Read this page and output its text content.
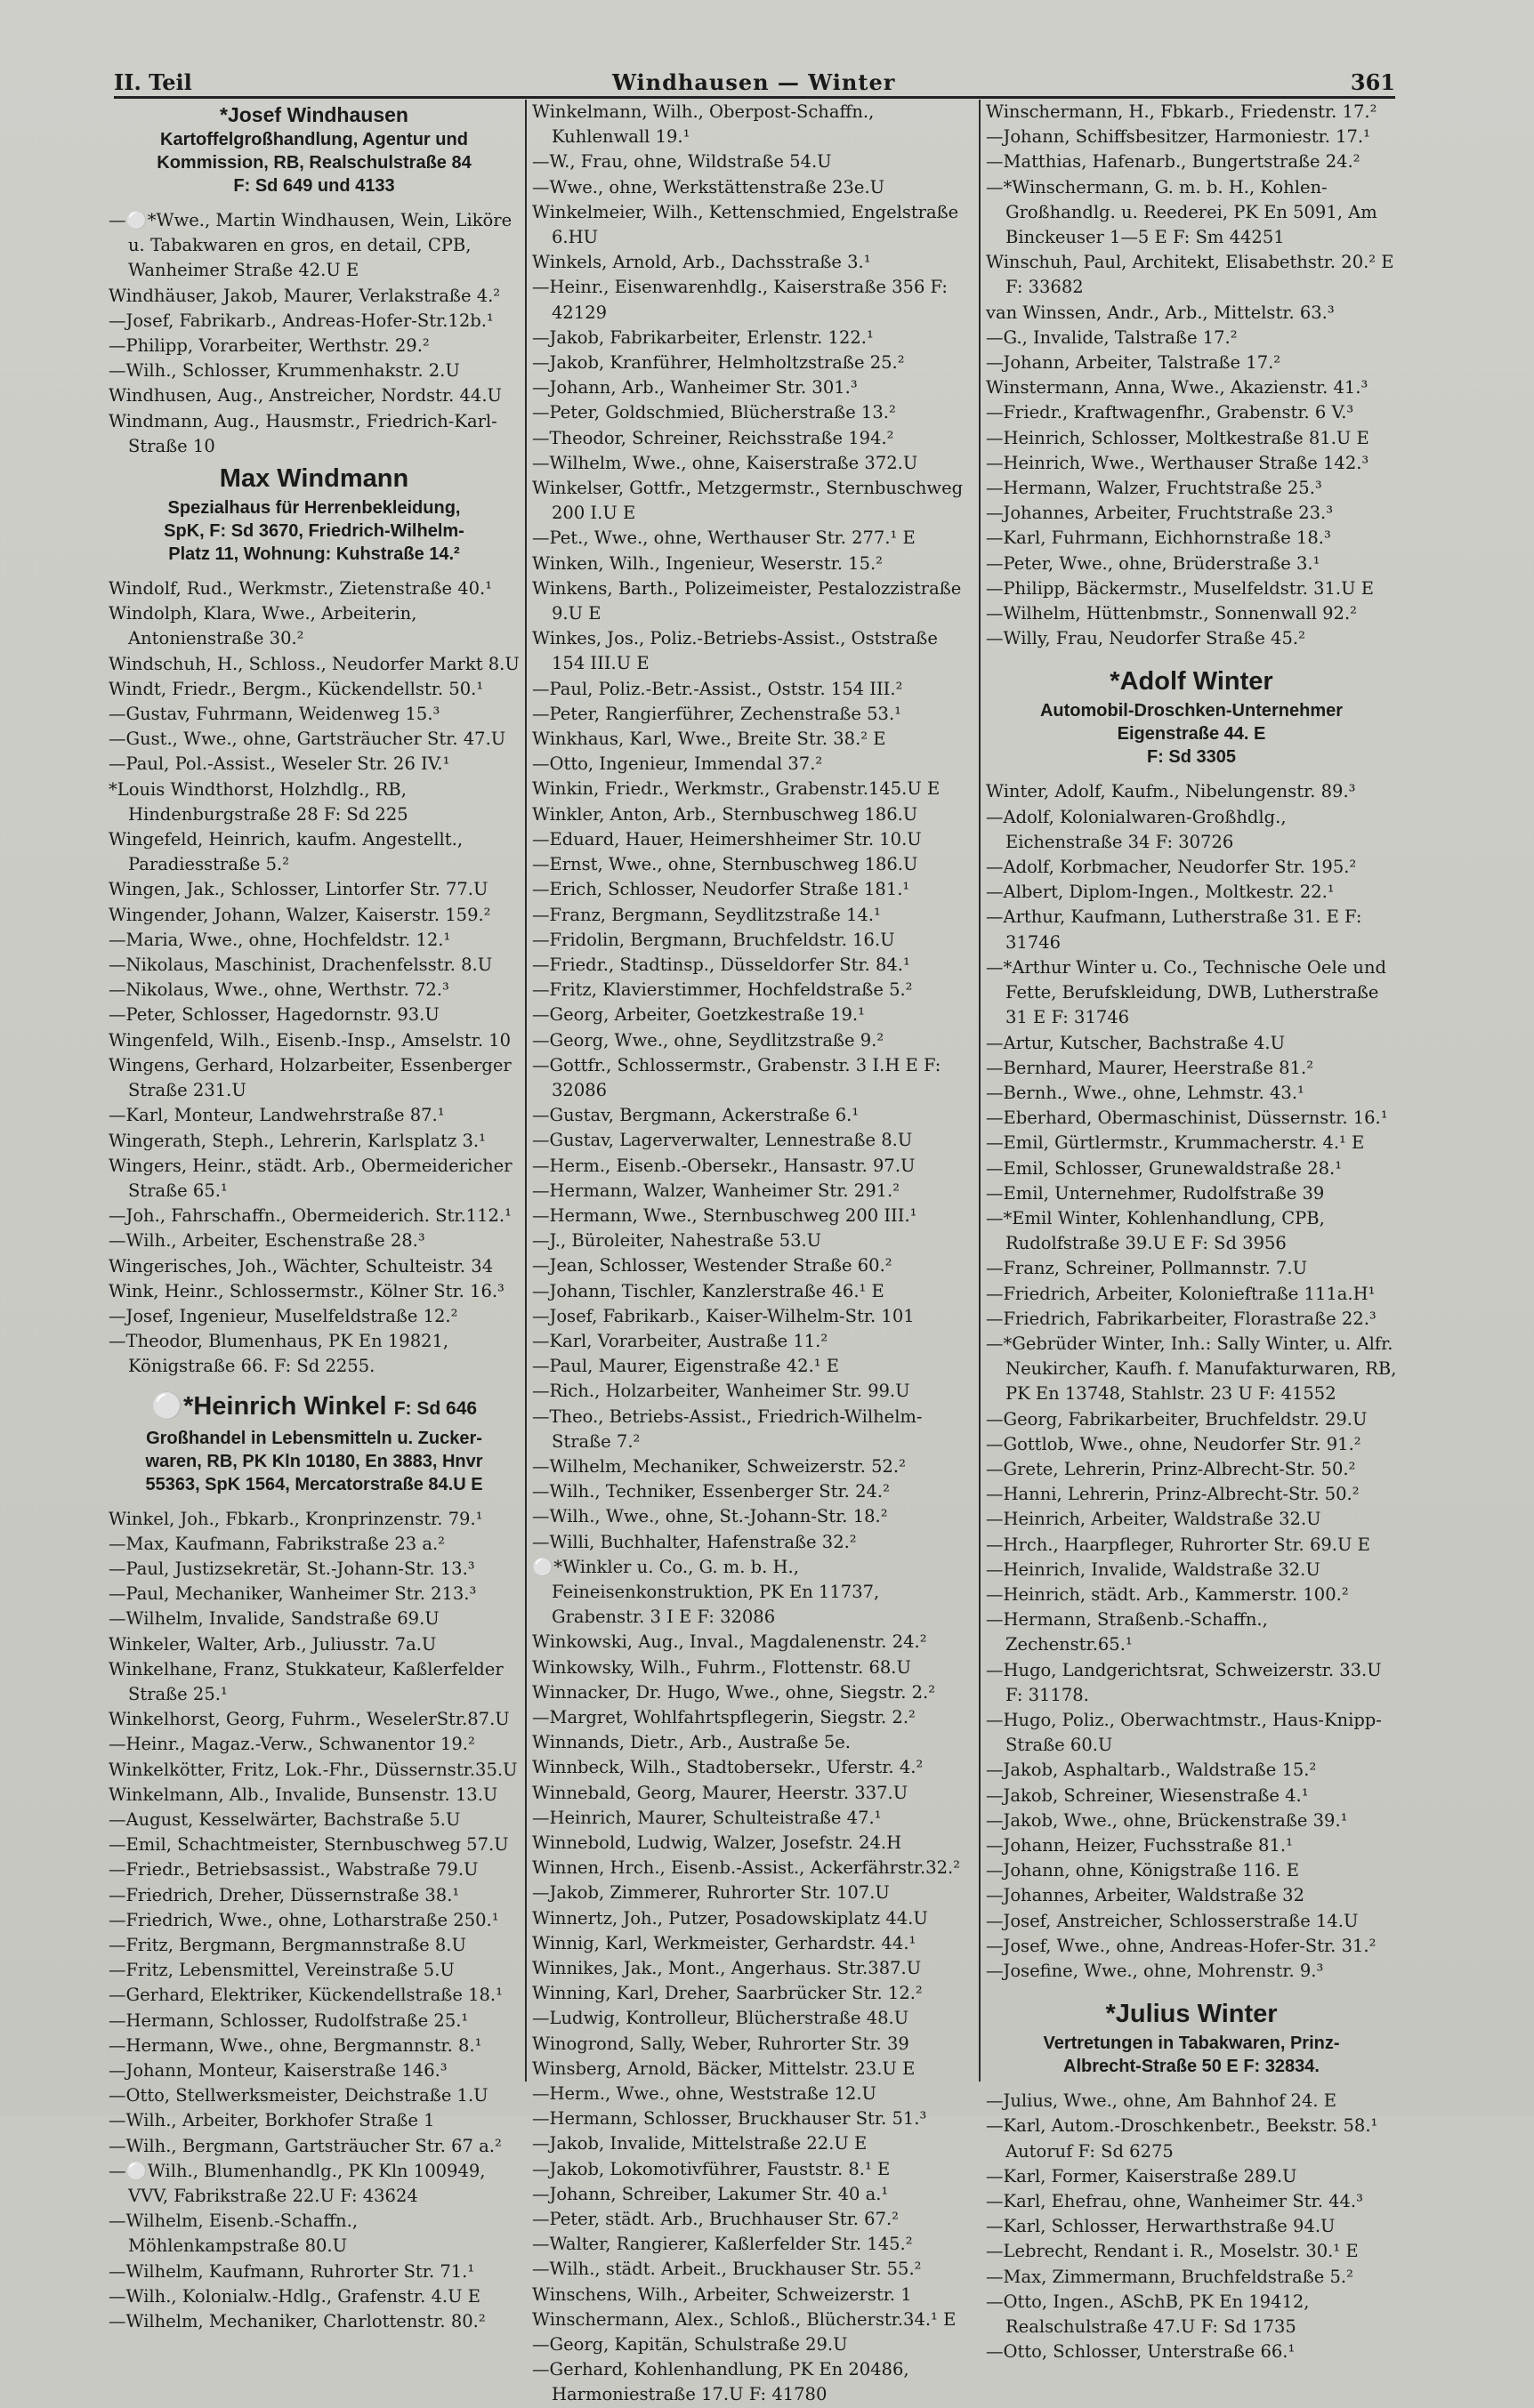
II. Teil	Windhausen — Winter	361
*Josef Windhausen
Kartoffelgroßhandlung, Agentur und
Kommission, RB, Realschulstraße 84
F: Sd 649 und 4133
—⚪*Wwe., Martin Windhausen, Wein, Liköre u. Tabakwaren en gros, en detail, CPB, Wanheimer Straße 42.U E
Windhäuser, Jakob, Maurer, Verlakstraße 4.²
—Josef, Fabrikarb., Andreas-Hofer-Str.12b.¹
—Philipp, Vorarbeiter, Werthstr. 29.²
—Wilh., Schlosser, Krummenhakstr. 2.U
Windhusen, Aug., Anstreicher, Nordstr. 44.U
Windmann, Aug., Hausmstr., Friedrich-Karl-Straße 10
Max Windmann
Spezialhaus für Herrenbekleidung,
SpK, F: Sd 3670, Friedrich-Wilhelm-
Platz 11, Wohnung: Kuhstraße 14.²
Windolf, Rud., Werkmstr., Zietenstraße 40.¹
Windolph, Klara, Wwe., Arbeiterin, Antonienstraße 30.²
Windschuh, H., Schloss., Neudorfer Markt 8.U
Windt, Friedr., Bergm., Kückendellstr. 50.¹
—Gustav, Fuhrmann, Weidenweg 15.³
—Gust., Wwe., ohne, Gartsträucher Str. 47.U
—Paul, Pol.-Assist., Weseler Str. 26 IV.¹
*Louis Windthorst, Holzhdlg., RB, Hindenburgstraße 28 F: Sd 225
Wingefeld, Heinrich, kaufm. Angestellt., Paradiesstraße 5.²
Wingen, Jak., Schlosser, Lintorfer Str. 77.U
Wingender, Johann, Walzer, Kaiserstr. 159.²
—Maria, Wwe., ohne, Hochfeldstr. 12.¹
—Nikolaus, Maschinist, Drachenfelsstr. 8.U
—Nikolaus, Wwe., ohne, Werthstr. 72.³
—Peter, Schlosser, Hagedornstr. 93.U
Wingenfeld, Wilh., Eisenb.-Insp., Amselstr. 10
Wingens, Gerhard, Holzarbeiter, Essenberger Straße 231.U
—Karl, Monteur, Landwehrstraße 87.¹
Wingerath, Steph., Lehrerin, Karlsplatz 3.¹
Wingers, Heinr., städt. Arb., Obermeidericher Straße 65.¹
—Joh., Fahrschaffn., Obermeiderich. Str.112.¹
—Wilh., Arbeiter, Eschenstraße 28.³
Wingerisches, Joh., Wächter, Schulteistr. 34
Wink, Heinr., Schlossermstr., Kölner Str. 16.³
—Josef, Ingenieur, Muselfeldstraße 12.²
—Theodor, Blumenhaus, PK En 19821, Königstraße 66. F: Sd 2255.
⚪*Heinrich Winkel F: Sd 646
Großhandel in Lebensmitteln u. Zucker-
waren, RB, PK Kln 10180, En 3883, Hnvr
55363, SpK 1564, Mercatorstraße 84.U E
Winkel, Joh., Fbkarb., Kronprinzenstr. 79.¹
—Max, Kaufmann, Fabrikstraße 23 a.²
—Paul, Justizsekretär, St.-Johann-Str. 13.³
—Paul, Mechaniker, Wanheimer Str. 213.³
—Wilhelm, Invalide, Sandstraße 69.U
Winkeler, Walter, Arb., Juliusstr. 7a.U
Winkelhane, Franz, Stukkateur, Kaßlerfelder Straße 25.¹
Winkelhorst, Georg, Fuhrm., WeselerStr.87.U
—Heinr., Magaz.-Verw., Schwanentor 19.²
Winkelkötter, Fritz, Lok.-Fhr., Düssernstr.35.U
Winkelmann, Alb., Invalide, Bunsenstr. 13.U
—August, Kesselwärter, Bachstraße 5.U
—Emil, Schachtmeister, Sternbuschweg 57.U
—Friedr., Betriebsassist., Wabstraße 79.U
—Friedrich, Dreher, Düssernstraße 38.¹
—Friedrich, Wwe., ohne, Lotharstraße 250.¹
—Fritz, Bergmann, Bergmannstraße 8.U
—Fritz, Lebensmittel, Vereinstraße 5.U
—Gerhard, Elektriker, Kückendellstraße 18.¹
—Hermann, Schlosser, Rudolfstraße 25.¹
—Hermann, Wwe., ohne, Bergmannstr. 8.¹
—Johann, Monteur, Kaiserstraße 146.³
—Otto, Stellwerksmeister, Deichstraße 1.U
—Wilh., Arbeiter, Borkhofer Straße 1
—Wilh., Bergmann, Gartsträucher Str. 67 a.²
—⚪Wilh., Blumenhandlg., PK Kln 100949, VVV, Fabrikstraße 22.U F: 43624
—Wilhelm, Eisenb.-Schaffn., Möhlenkampstraße 80.U
—Wilhelm, Kaufmann, Ruhrorter Str. 71.¹
—Wilh., Kolonialw.-Hdlg., Grafenstr. 4.U E
—Wilhelm, Mechaniker, Charlottenstr. 80.²
Winkelmann, Wilh., Oberpost-Schaffn., Kuhlenwall 19.¹
—W., Frau, ohne, Wildstraße 54.U
—Wwe., ohne, Werkstättenstraße 23e.U
Winkelmeier, Wilh., Kettenschmied, Engelstraße 6.HU
Winkels, Arnold, Arb., Dachsstraße 3.¹
—Heinr., Eisenwarenhdlg., Kaiserstraße 356 F: 42129
—Jakob, Fabrikarbeiter, Erlenstr. 122.¹
—Jakob, Kranführer, Helmholtzstraße 25.²
—Johann, Arb., Wanheimer Str. 301.³
—Peter, Goldschmied, Blücherstraße 13.²
—Theodor, Schreiner, Reichsstraße 194.²
—Wilhelm, Wwe., ohne, Kaiserstraße 372.U
Winkelser, Gottfr., Metzgermstr., Sternbuschweg 200 I.U E
—Pet., Wwe., ohne, Werthauser Str. 277.¹ E
Winken, Wilh., Ingenieur, Weserstr. 15.²
Winkens, Barth., Polizeimeister, Pestalozzistraße 9.U E
Winkes, Jos., Poliz.-Betriebs-Assist., Oststraße 154 III.U E
—Paul, Poliz.-Betr.-Assist., Oststr. 154 III.²
—Peter, Rangierführer, Zechenstraße 53.¹
Winkhaus, Karl, Wwe., Breite Str. 38.² E
—Otto, Ingenieur, Immendal 37.²
Winkin, Friedr., Werkmstr., Grabenstr.145.U E
Winkler, Anton, Arb., Sternbuschweg 186.U
—Eduard, Hauer, Heimershheimer Str. 10.U
—Ernst, Wwe., ohne, Sternbuschweg 186.U
—Erich, Schlosser, Neudorfer Straße 181.¹
—Franz, Bergmann, Seydlitzstraße 14.¹
—Fridolin, Bergmann, Bruchfeldstr. 16.U
—Friedr., Stadtinsp., Düsseldorfer Str. 84.¹
—Fritz, Klavierstimmer, Hochfeldstraße 5.²
—Georg, Arbeiter, Goetzkestraße 19.¹
—Georg, Wwe., ohne, Seydlitzstraße 9.²
—Gottfr., Schlossermstr., Grabenstr. 3 I.H E F: 32086
—Gustav, Bergmann, Ackerstraße 6.¹
—Gustav, Lagerverwalter, Lennestraße 8.U
—Herm., Eisenb.-Obersekr., Hansastr. 97.U
—Hermann, Walzer, Wanheimer Str. 291.²
—Hermann, Wwe., Sternbuschweg 200 III.¹
—J., Büroleiter, Nahestraße 53.U
—Jean, Schlosser, Westender Straße 60.²
—Johann, Tischler, Kanzlerstraße 46.¹ E
—Josef, Fabrikarb., Kaiser-Wilhelm-Str. 101
—Karl, Vorarbeiter, Austraße 11.²
—Paul, Maurer, Eigenstraße 42.¹ E
—Rich., Holzarbeiter, Wanheimer Str. 99.U
—Theo., Betriebs-Assist., Friedrich-Wilhelm-Straße 7.²
—Wilhelm, Mechaniker, Schweizerstr. 52.²
—Wilh., Techniker, Essenberger Str. 24.²
—Wilh., Wwe., ohne, St.-Johann-Str. 18.²
—Willi, Buchhalter, Hafenstraße 32.²
⚪*Winkler u. Co., G. m. b. H., Feineisenkonstruktion, PK En 11737, Grabenstr. 3 I E F: 32086
Winkowski, Aug., Inval., Magdalenenstr. 24.²
Winkowsky, Wilh., Fuhrm., Flottenstr. 68.U
Winnacker, Dr. Hugo, Wwe., ohne, Siegstr. 2.²
—Margret, Wohlfahrtspflegerin, Siegstr. 2.²
Winnands, Dietr., Arb., Austraße 5e.
Winnbeck, Wilh., Stadtobersekr., Uferstr. 4.²
Winnebald, Georg, Maurer, Heerstr. 337.U
—Heinrich, Maurer, Schulteistraße 47.¹
Winnebold, Ludwig, Walzer, Josefstr. 24.H
Winnen, Hrch., Eisenb.-Assist., Ackerfährstr.32.²
—Jakob, Zimmerer, Ruhrorter Str. 107.U
Winnertz, Joh., Putzer, Posadowskiplatz 44.U
Winnig, Karl, Werkmeister, Gerhardstr. 44.¹
Winnikes, Jak., Mont., Angerhaus. Str.387.U
Winning, Karl, Dreher, Saarbrücker Str. 12.²
—Ludwig, Kontrolleur, Blücherstraße 48.U
Winogrond, Sally, Weber, Ruhrorter Str. 39
Winsberg, Arnold, Bäcker, Mittelstr. 23.U E
—Herm., Wwe., ohne, Weststraße 12.U
—Hermann, Schlosser, Bruckhauser Str. 51.³
—Jakob, Invalide, Mittelstraße 22.U E
—Jakob, Lokomotivführer, Fauststr. 8.¹ E
—Johann, Schreiber, Lakumer Str. 40 a.¹
—Peter, städt. Arb., Bruchhauser Str. 67.²
—Walter, Rangierer, Kaßlerfelder Str. 145.²
—Wilh., städt. Arbeit., Bruckhauser Str. 55.²
Winschens, Wilh., Arbeiter, Schweizerstr. 1
Winschermann, Alex., Schloß., Blücherstr.34.¹ E
—Georg, Kapitän, Schulstraße 29.U
—Gerhard, Kohlenhandlung, PK En 20486, Harmoniestraße 17.U F: 41780
Winschermann, H., Fbkarb., Friedenstr. 17.²
—Johann, Schiffsbesitzer, Harmoniestr. 17.¹
—Matthias, Hafenarb., Bungertstraße 24.²
—*Winschermann, G. m. b. H., Kohlen-Großhandlg. u. Reederei, PK En 5091, Am Binckeuser 1—5 E F: Sm 44251
Winschuh, Paul, Architekt, Elisabethstr. 20.² E F: 33682
van Winssen, Andr., Arb., Mittelstr. 63.³
—G., Invalide, Talstraße 17.²
—Johann, Arbeiter, Talstraße 17.²
Winstermann, Anna, Wwe., Akazienstr. 41.³
—Friedr., Kraftwagenfhr., Grabenstr. 6 V.³
—Heinrich, Schlosser, Moltkestraße 81.U E
—Heinrich, Wwe., Werthauser Straße 142.³
—Hermann, Walzer, Fruchtstraße 25.³
—Johannes, Arbeiter, Fruchtstraße 23.³
—Karl, Fuhrmann, Eichhornstraße 18.³
—Peter, Wwe., ohne, Brüderstraße 3.¹
—Philipp, Bäckermstr., Muselfeldstr. 31.U E
—Wilhelm, Hüttenbmstr., Sonnenwall 92.²
—Willy, Frau, Neudorfer Straße 45.²
*Adolf Winter
Automobil-Droschken-Unternehmer
Eigenstraße 44. E
F: Sd 3305
Winter, Adolf, Kaufm., Nibelungenstr. 89.³
—Adolf, Kolonialwaren-Großhdlg., Eichenstraße 34 F: 30726
—Adolf, Korbmacher, Neudorfer Str. 195.²
—Albert, Diplom-Ingen., Moltkestr. 22.¹
—Arthur, Kaufmann, Lutherstraße 31. E F: 31746
—*Arthur Winter u. Co., Technische Oele und Fette, Berufskleidung, DWB, Lutherstraße 31 E F: 31746
—Artur, Kutscher, Bachstraße 4.U
—Bernhard, Maurer, Heerstraße 81.²
—Bernh., Wwe., ohne, Lehmstr. 43.¹
—Eberhard, Obermaschinist, Düssernstr. 16.¹
—Emil, Gürtlermstr., Krummacherstr. 4.¹ E
—Emil, Schlosser, Grunewaldstraße 28.¹
—Emil, Unternehmer, Rudolfstraße 39
—*Emil Winter, Kohlenhandlung, CPB, Rudolfstraße 39.U E F: Sd 3956
—Franz, Schreiner, Pollmannstr. 7.U
—Friedrich, Arbeiter, Kolonieftraße 111a.H¹
—Friedrich, Fabrikarbeiter, Florastraße 22.³
—*Gebrüder Winter, Inh.: Sally Winter, u. Alfr. Neukircher, Kaufh. f. Manufakturwaren, RB, PK En 13748, Stahlstr. 23 U F: 41552
—Georg, Fabrikarbeiter, Bruchfeldstr. 29.U
—Gottlob, Wwe., ohne, Neudorfer Str. 91.²
—Grete, Lehrerin, Prinz-Albrecht-Str. 50.²
—Hanni, Lehrerin, Prinz-Albrecht-Str. 50.²
—Heinrich, Arbeiter, Waldstraße 32.U
—Hrch., Haarpfleger, Ruhrorter Str. 69.U E
—Heinrich, Invalide, Waldstraße 32.U
—Heinrich, städt. Arb., Kammerstr. 100.²
—Hermann, Straßenb.-Schaffn., Zechenstr.65.¹
—Hugo, Landgerichtsrat, Schweizerstr. 33.U F: 31178.
—Hugo, Poliz., Oberwachtmstr., Haus-Knipp-Straße 60.U
—Jakob, Asphaltarb., Waldstraße 15.²
—Jakob, Schreiner, Wiesenstraße 4.¹
—Jakob, Wwe., ohne, Brückenstraße 39.¹
—Johann, Heizer, Fuchsstraße 81.¹
—Johann, ohne, Königstraße 116. E
—Johannes, Arbeiter, Waldstraße 32
—Josef, Anstreicher, Schlosserstraße 14.U
—Josef, Wwe., ohne, Andreas-Hofer-Str. 31.²
—Josefine, Wwe., ohne, Mohrenstr. 9.³
*Julius Winter
Vertretungen in Tabakwaren, Prinz-
Albrecht-Straße 50 E F: 32834.
—Julius, Wwe., ohne, Am Bahnhof 24. E
—Karl, Autom.-Droschkenbetr., Beekstr. 58.¹ Autoruf F: Sd 6275
—Karl, Former, Kaiserstraße 289.U
—Karl, Ehefrau, ohne, Wanheimer Str. 44.³
—Karl, Schlosser, Herwarthstraße 94.U
—Lebrecht, Rendant i. R., Moselstr. 30.¹ E
—Max, Zimmermann, Bruchfeldstraße 5.²
—Otto, Ingen., ASchB, PK En 19412, Realschulstraße 47.U F: Sd 1735
—Otto, Schlosser, Unterstraße 66.¹
